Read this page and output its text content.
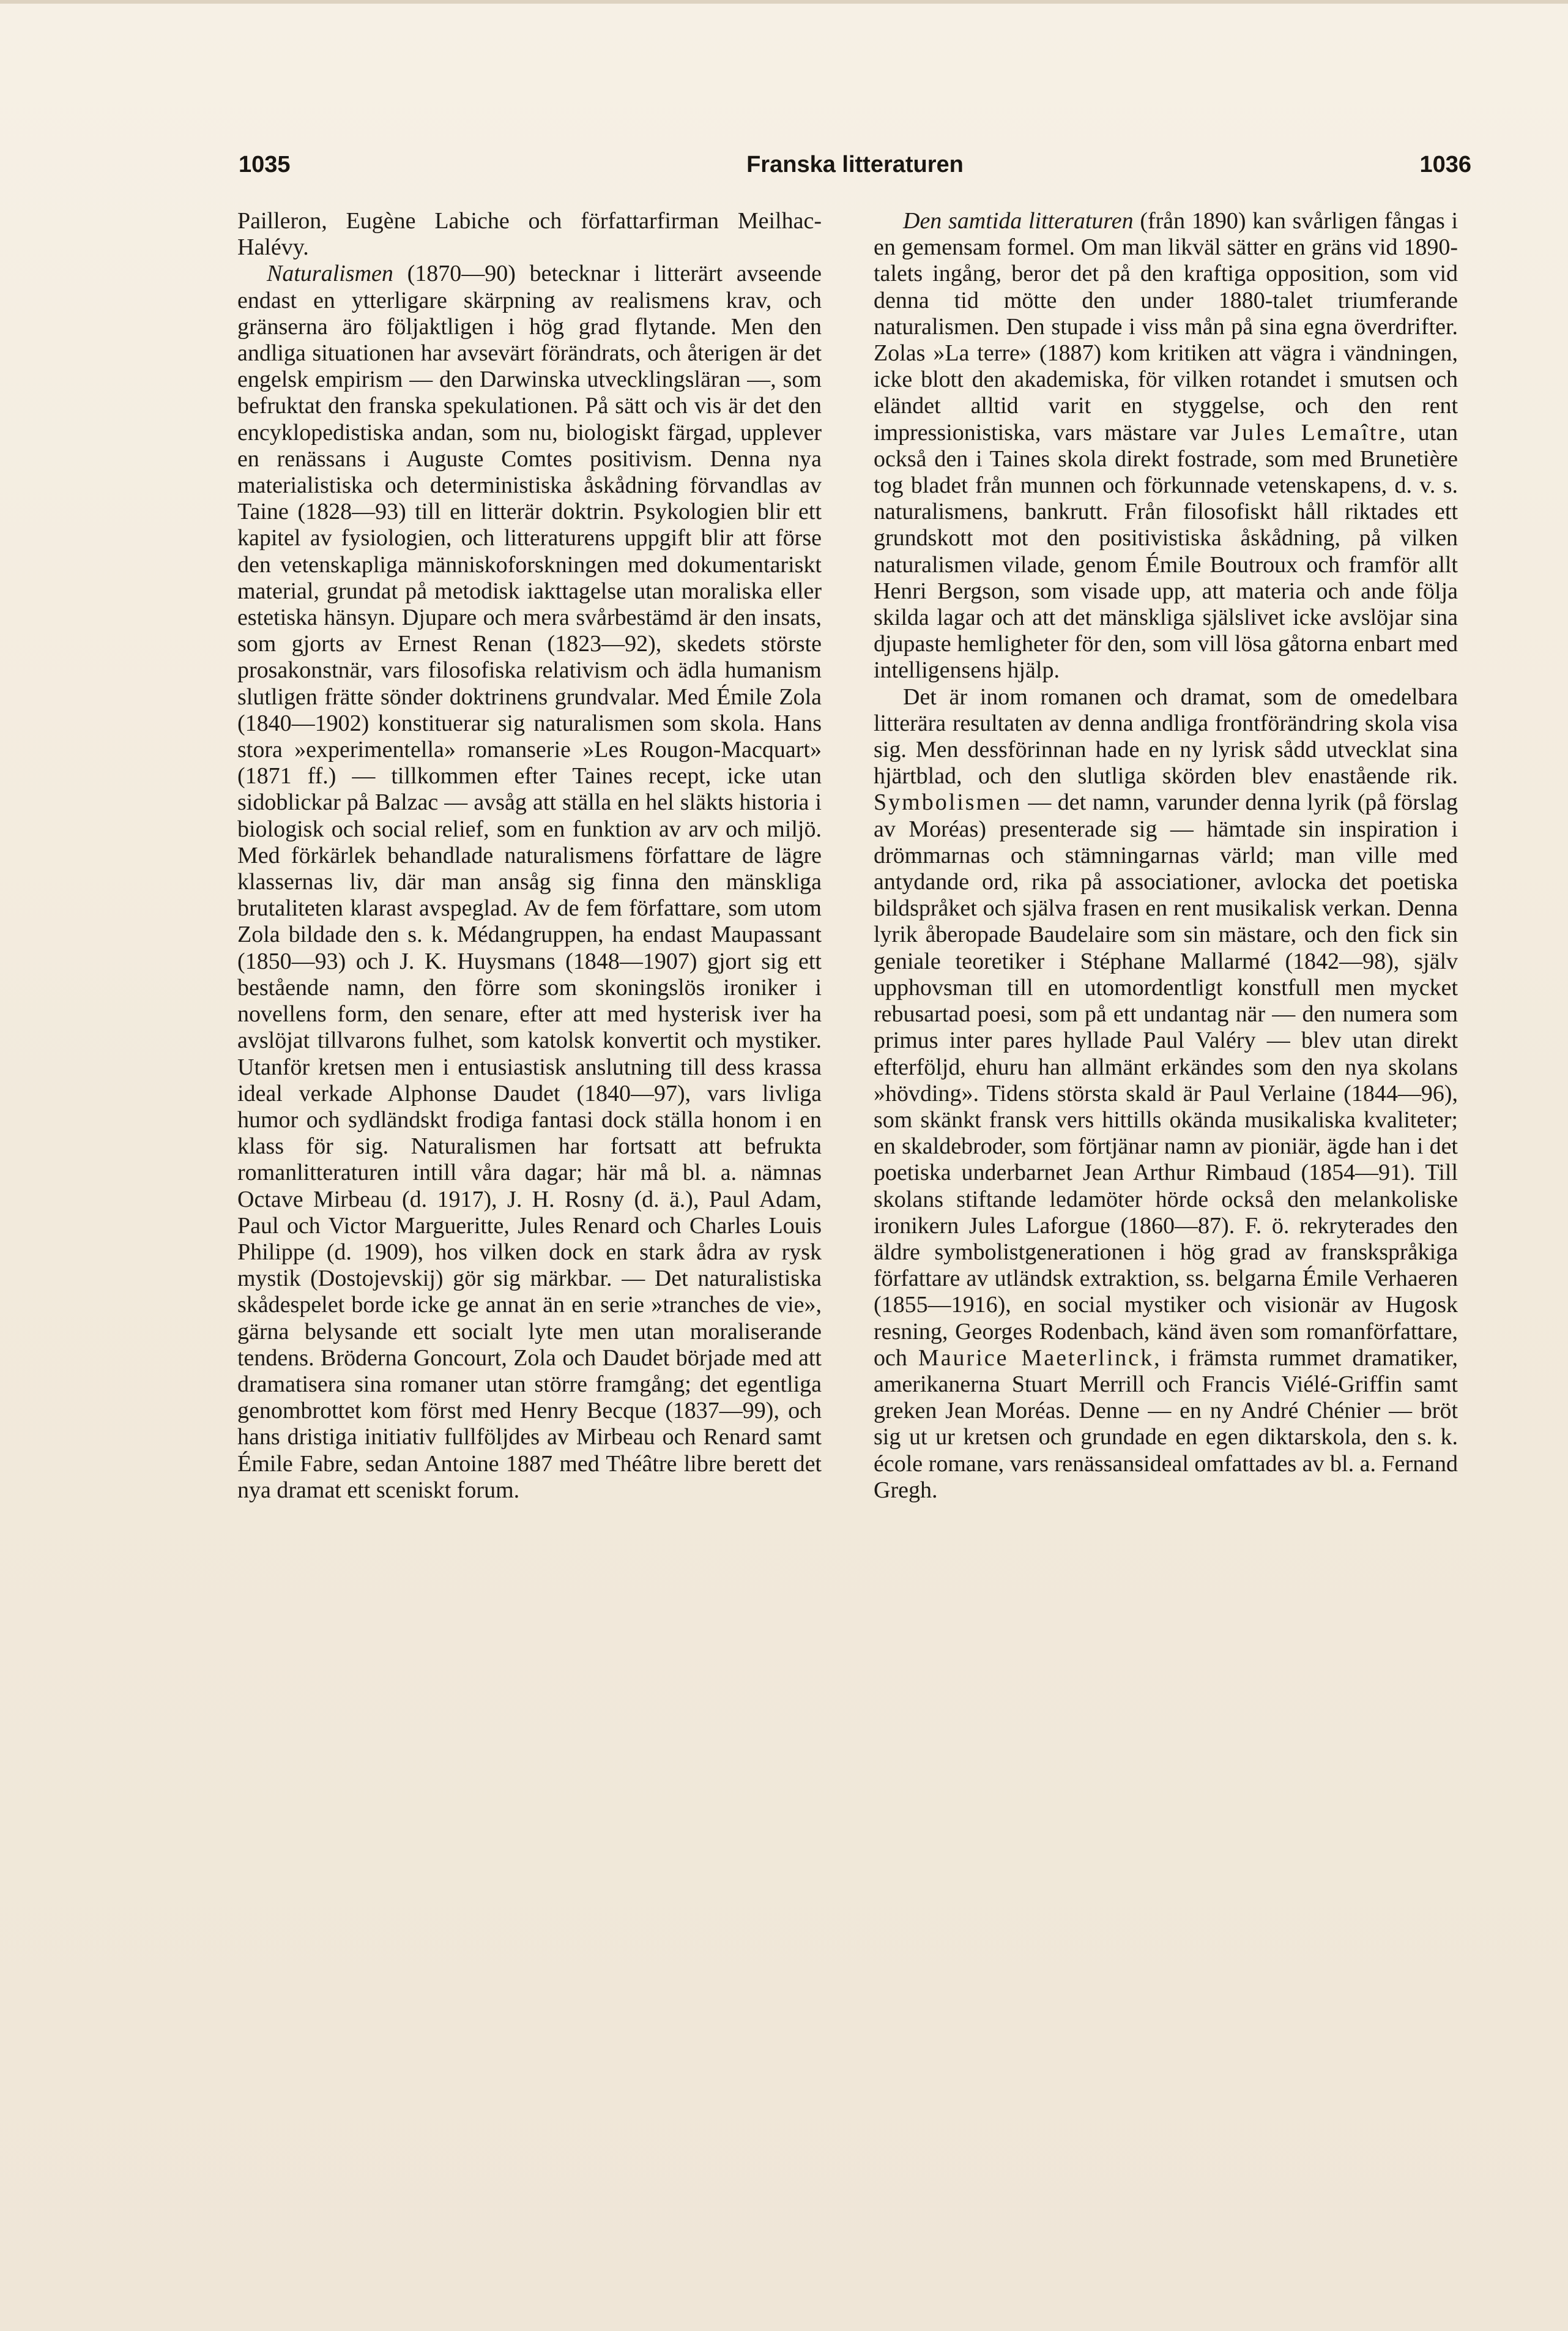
1035	Franska litteraturen	1036

Pailleron, Eugène Labiche och författarfirman Meilhac-Halévy.

Naturalismen (1870—90) betecknar i litterärt avseende endast en ytterligare skärpning av realismens krav, och gränserna äro följaktligen i hög grad flytande. Men den andliga situationen har avsevärt förändrats, och återigen är det engelsk empirism — den Darwinska utvecklingsläran —, som befruktat den franska spekulationen. På sätt och vis är det den encyklopedistiska andan, som nu, biologiskt färgad, upplever en renässans i Auguste Comtes positivism. Denna nya materialistiska och deterministiska åskådning förvandlas av Taine (1828—93) till en litterär doktrin. Psykologien blir ett kapitel av fysiologien, och litteraturens uppgift blir att förse den vetenskapliga människoforskningen med dokumentariskt material, grundat på metodisk iakttagelse utan moraliska eller estetiska hänsyn. Djupare och mera svårbestämd är den insats, som gjorts av Ernest Renan (1823—92), skedets störste prosakonstnär, vars filosofiska relativism och ädla humanism slutligen frätte sönder doktrinens grundvalar. Med Émile Zola (1840—1902) konstituerar sig naturalismen som skola. Hans stora »experimentella» romanserie »Les Rougon-Macquart» (1871 ff.) — tillkommen efter Taines recept, icke utan sidoblickar på Balzac — avsåg att ställa en hel släkts historia i biologisk och social relief, som en funktion av arv och miljö. Med förkärlek behandlade naturalismens författare de lägre klassernas liv, där man ansåg sig finna den mänskliga brutaliteten klarast avspeglad. Av de fem författare, som utom Zola bildade den s. k. Médangruppen, ha endast Maupassant (1850—93) och J. K. Huysmans (1848—1907) gjort sig ett bestående namn, den förre som skoningslös ironiker i novellens form, den senare, efter att med hysterisk iver ha avslöjat tillvarons fulhet, som katolsk konvertit och mystiker. Utanför kretsen men i entusiastisk anslutning till dess krassa ideal verkade Alphonse Daudet (1840—97), vars livliga humor och sydländskt frodiga fantasi dock ställa honom i en klass för sig. Naturalismen har fortsatt att befrukta romanlitteraturen intill våra dagar; här må bl. a. nämnas Octave Mirbeau (d. 1917), J. H. Rosny (d. ä.), Paul Adam, Paul och Victor Margueritte, Jules Renard och Charles Louis Philippe (d. 1909), hos vilken dock en stark ådra av rysk mystik (Dostojevskij) gör sig märkbar. — Det naturalistiska skådespelet borde icke ge annat än en serie »tranches de vie», gärna belysande ett socialt lyte men utan moraliserande tendens. Bröderna Goncourt, Zola och Daudet började med att dramatisera sina romaner utan större framgång; det egentliga genombrottet kom först med Henry Becque (1837—99), och hans dristiga initiativ fullföljdes av Mirbeau och Renard samt Émile Fabre, sedan Antoine 1887 med Théâtre libre berett det nya dramat ett sceniskt forum.

Den samtida litteraturen (från 1890) kan svårligen fångas i en gemensam formel. Om man likväl sätter en gräns vid 1890-talets ingång, beror det på den kraftiga opposition, som vid denna tid mötte den under 1880-talet triumferande naturalismen. Den stupade i viss mån på sina egna överdrifter. Zolas »La terre» (1887) kom kritiken att vägra i vändningen, icke blott den akademiska, för vilken rotandet i smutsen och eländet alltid varit en styggelse, och den rent impressionistiska, vars mästare var Jules Lemaître, utan också den i Taines skola direkt fostrade, som med Brunetière tog bladet från munnen och förkunnade vetenskapens, d. v. s. naturalismens, bankrutt. Från filosofiskt håll riktades ett grundskott mot den positivistiska åskådning, på vilken naturalismen vilade, genom Émile Boutroux och framför allt Henri Bergson, som visade upp, att materia och ande följa skilda lagar och att det mänskliga själslivet icke avslöjar sina djupaste hemligheter för den, som vill lösa gåtorna enbart med intelligensens hjälp.

Det är inom romanen och dramat, som de omedelbara litterära resultaten av denna andliga frontförändring skola visa sig. Men dessförinnan hade en ny lyrisk sådd utvecklat sina hjärtblad, och den slutliga skörden blev enastående rik. Symbolismen — det namn, varunder denna lyrik (på förslag av Moréas) presenterade sig — hämtade sin inspiration i drömmarnas och stämningarnas värld; man ville med antydande ord, rika på associationer, avlocka det poetiska bildspråket och själva frasen en rent musikalisk verkan. Denna lyrik åberopade Baudelaire som sin mästare, och den fick sin geniale teoretiker i Stéphane Mallarmé (1842—98), själv upphovsman till en utomordentligt konstfull men mycket rebusartad poesi, som på ett undantag när — den numera som primus inter pares hyllade Paul Valéry — blev utan direkt efterföljd, ehuru han allmänt erkändes som den nya skolans »hövding». Tidens största skald är Paul Verlaine (1844—96), som skänkt fransk vers hittills okända musikaliska kvaliteter; en skaldebroder, som förtjänar namn av pioniär, ägde han i det poetiska underbarnet Jean Arthur Rimbaud (1854—91). Till skolans stiftande ledamöter hörde också den melankoliske ironikern Jules Laforgue (1860—87). F. ö. rekryterades den äldre symbolistgenerationen i hög grad av franskspråkiga författare av utländsk extraktion, ss. belgarna Émile Verhaeren (1855—1916), en social mystiker och visionär av Hugosk resning, Georges Rodenbach, känd även som romanförfattare, och Maurice Maeterlinck, i främsta rummet dramatiker, amerikanerna Stuart Merrill och Francis Viélé-Griffin samt greken Jean Moréas. Denne — en ny André Chénier — bröt sig ut ur kretsen och grundade en egen diktarskola, den s. k. école romane, vars renässansideal omfattades av bl. a. Fernand Gregh.
